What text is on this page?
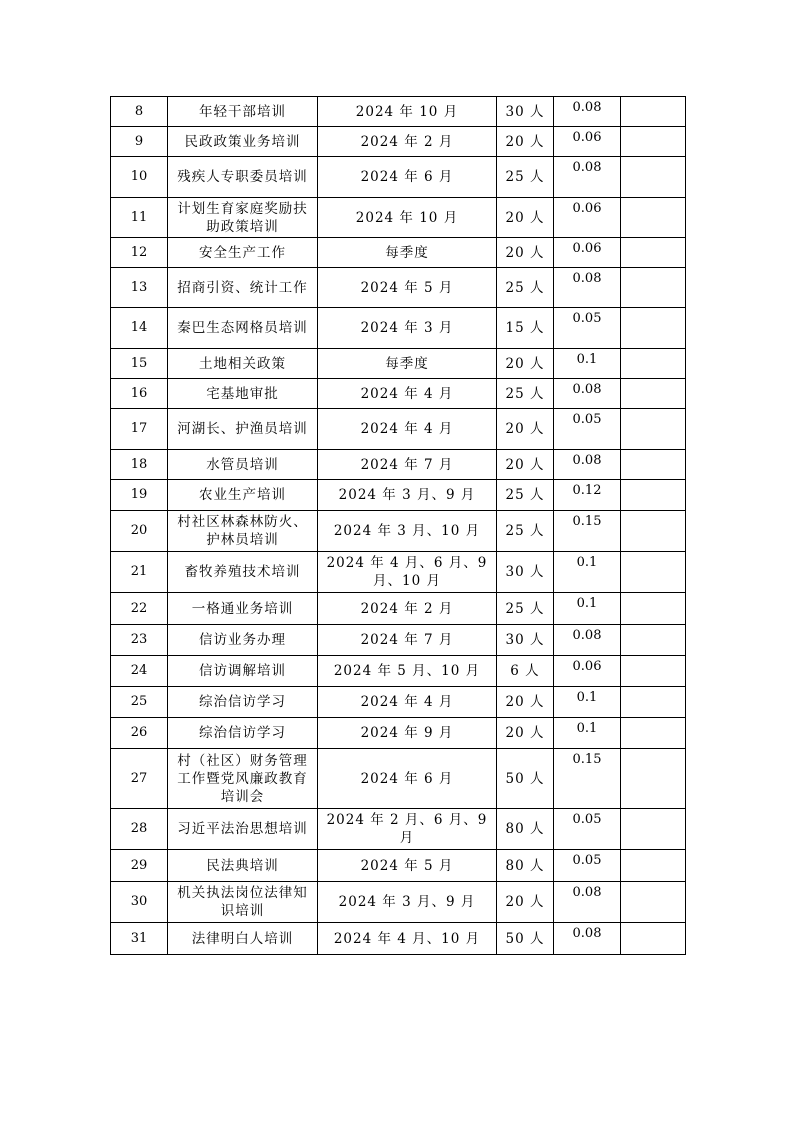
8	年轻干部培训	2024 年 10 月	30 人	0.08	
9	民政政策业务培训	2024 年 2 月	20 人	0.06	
10	残疾人专职委员培训	2024 年 6 月	25 人	0.08	
11	计划生育家庭奖励扶助政策培训	2024 年 10 月	20 人	0.06	
12	安全生产工作	每季度	20 人	0.06	
13	招商引资、统计工作	2024 年 5 月	25 人	0.08	
14	秦巴生态网格员培训	2024 年 3 月	15 人	0.05	
15	土地相关政策	每季度	20 人	0.1	
16	宅基地审批	2024 年 4 月	25 人	0.08	
17	河湖长、护渔员培训	2024 年 4 月	20 人	0.05	
18	水管员培训	2024 年 7 月	20 人	0.08	
19	农业生产培训	2024 年 3 月、9 月	25 人	0.12	
20	村社区林森林防火、护林员培训	2024 年 3 月、10 月	25 人	0.15	
21	畜牧养殖技术培训	2024 年 4 月、6 月、9 月、10 月	30 人	0.1	
22	一格通业务培训	2024 年 2 月	25 人	0.1	
23	信访业务办理	2024 年 7 月	30 人	0.08	
24	信访调解培训	2024 年 5 月、10 月	6 人	0.06	
25	综治信访学习	2024 年 4 月	20 人	0.1	
26	综治信访学习	2024 年 9 月	20 人	0.1	
27	村（社区）财务管理工作暨党风廉政教育培训会	2024 年 6 月	50 人	0.15	
28	习近平法治思想培训	2024 年 2 月、6 月、9 月	80 人	0.05	
29	民法典培训	2024 年 5 月	80 人	0.05	
30	机关执法岗位法律知识培训	2024 年 3 月、9 月	20 人	0.08	
31	法律明白人培训	2024 年 4 月、10 月	50 人	0.08	
